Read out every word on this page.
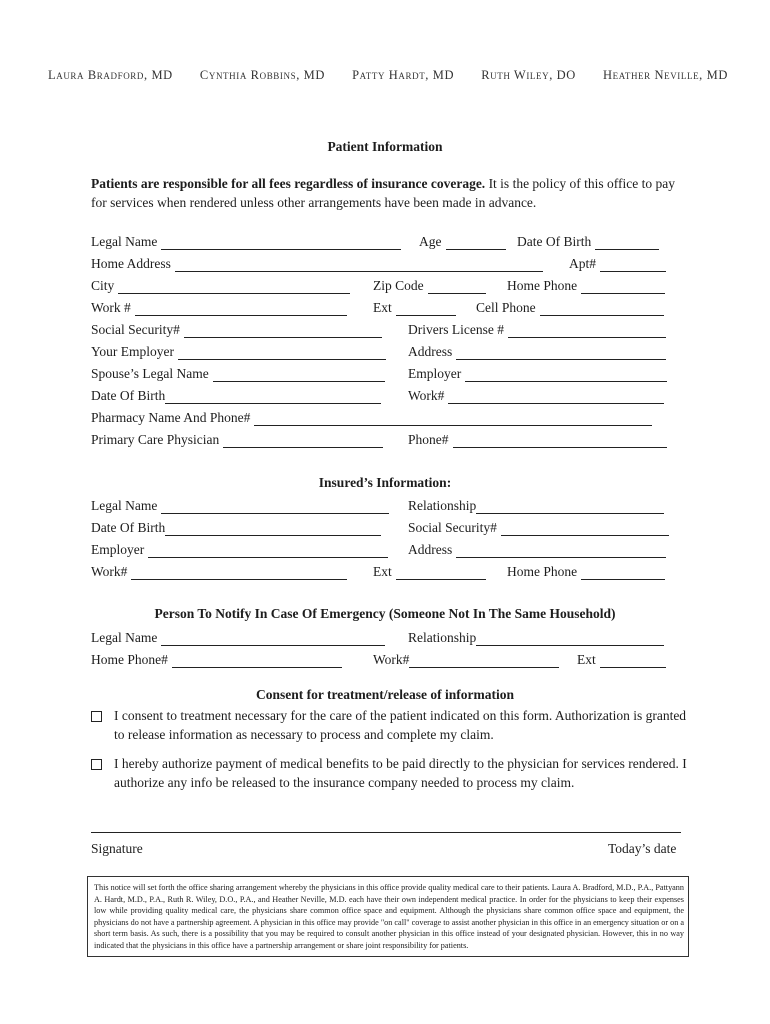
Laura Bradford, MD Cynthia Robbins, MD Patty Hardt, MD Ruth Wiley, DO Heather Neville, MD
Patient Information
Patients are responsible for all fees regardless of insurance coverage. It is the policy of this office to pay for services when rendered unless other arrangements have been made in advance.
Legal Name	Age	Date Of Birth
Home Address	Apt#
City	Zip Code	Home Phone
Work #	Ext	Cell Phone
Social Security#	Drivers License #
Your Employer	Address
Spouse’s Legal Name	Employer
Date Of Birth	Work#
Pharmacy Name And Phone#
Primary Care Physician	Phone#
Insured’s Information:
Legal Name	Relationship
Date Of Birth	Social Security#
Employer	Address
Work#	Ext	Home Phone
Person To Notify In Case Of Emergency (Someone Not In The Same Household)
Legal Name	Relationship
Home Phone#	Work#	Ext
Consent for treatment/release of information
I consent to treatment necessary for the care of the patient indicated on this form. Authorization is granted to release information as necessary to process and complete my claim.
I hereby authorize payment of medical benefits to be paid directly to the physician for services rendered. I authorize any info be released to the insurance company needed to process my claim.
Signature	Today’s date
This notice will set forth the office sharing arrangement whereby the physicians in this office provide quality medical care to their patients. Laura A. Bradford, M.D., P.A., Pattyann A. Hardt, M.D., P.A., Ruth R. Wiley, D.O., P.A., and Heather Neville, M.D. each have their own independent medical practice. In order for the physicians to keep their expenses low while providing quality medical care, the physicians share common office space and equipment. Although the physicians share common office space and equipment, the physicians do not have a partnership agreement. A physician in this office may provide "on call" coverage to assist another physician in this office in an emergency situation or on a short term basis. As such, there is a possibility that you may be required to consult another physician in this office instead of your designated physician. However, this in no way indicated that the physicians in this office have a partnership arrangement or share joint responsibility for patients.
